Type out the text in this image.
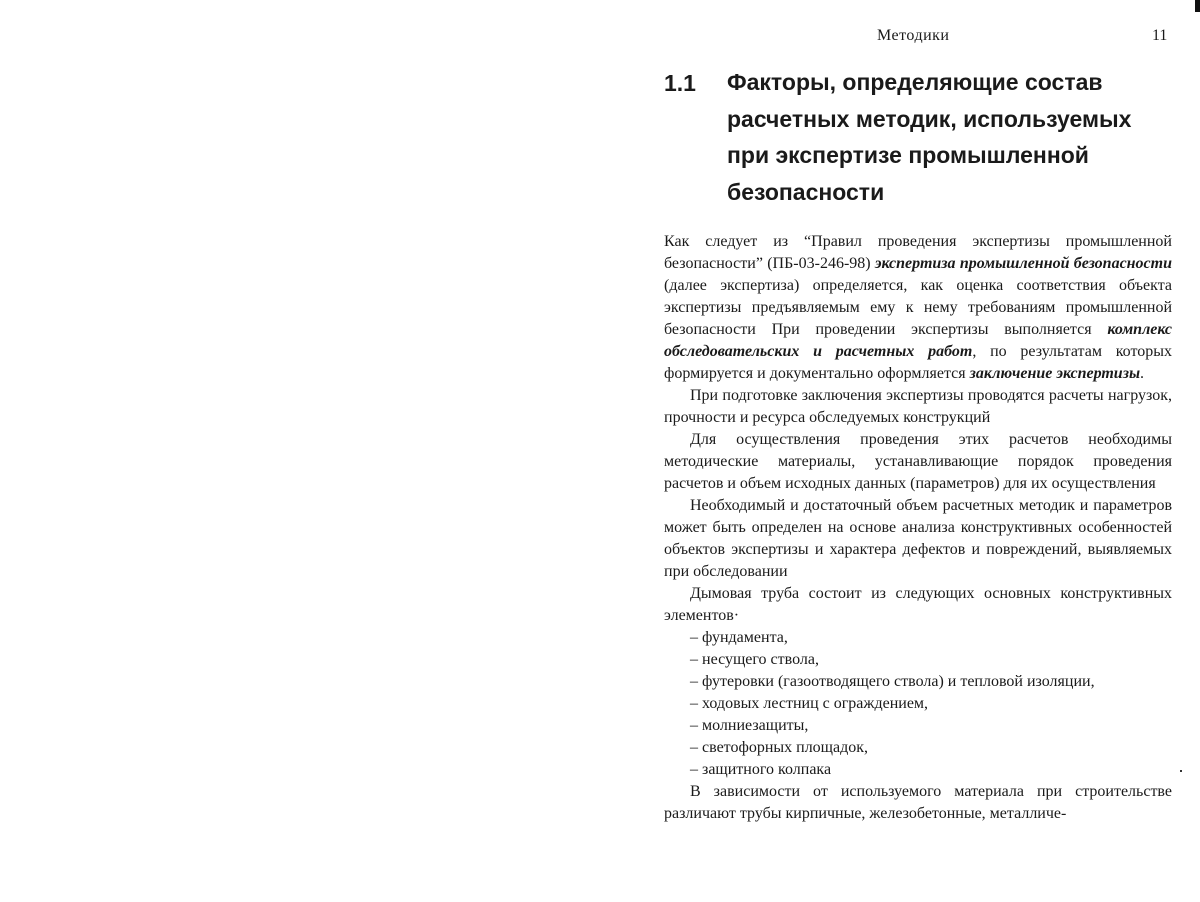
Методики	11
1.1 Факторы, определяющие состав расчетных методик, используемых при экспертизе промышленной безопасности

Как следует из “Правил проведения экспертизы промышленной безопасности” (ПБ-03-246-98) экспертиза промышленной безопасности (далее экспертиза) определяется, как оценка соответствия объекта экспертизы предъявляемым ему к нему требованиям промышленной безопасности При проведении экспертизы выполняется комплекс обследовательских и расчетных работ, по результатам которых формируется и документально оформляется заключение экспертизы.

При подготовке заключения экспертизы проводятся расчеты нагрузок, прочности и ресурса обследуемых конструкций

Для осуществления проведения этих расчетов необходимы методические материалы, устанавливающие порядок проведения расчетов и объем исходных данных (параметров) для их осуществления

Необходимый и достаточный объем расчетных методик и параметров может быть определен на основе анализа конструктивных особенностей объектов экспертизы и характера дефектов и повреждений, выявляемых при обследовании

Дымовая труба состоит из следующих основных конструктивных элементов·

– фундамента,
– несущего ствола,
– футеровки (газоотводящего ствола) и тепловой изоляции,
– ходовых лестниц с ограждением,
– молниезащиты,
– светофорных площадок,
– защитного колпака

В зависимости от используемого материала при строительстве различают трубы кирпичные, железобетонные, металличе-
